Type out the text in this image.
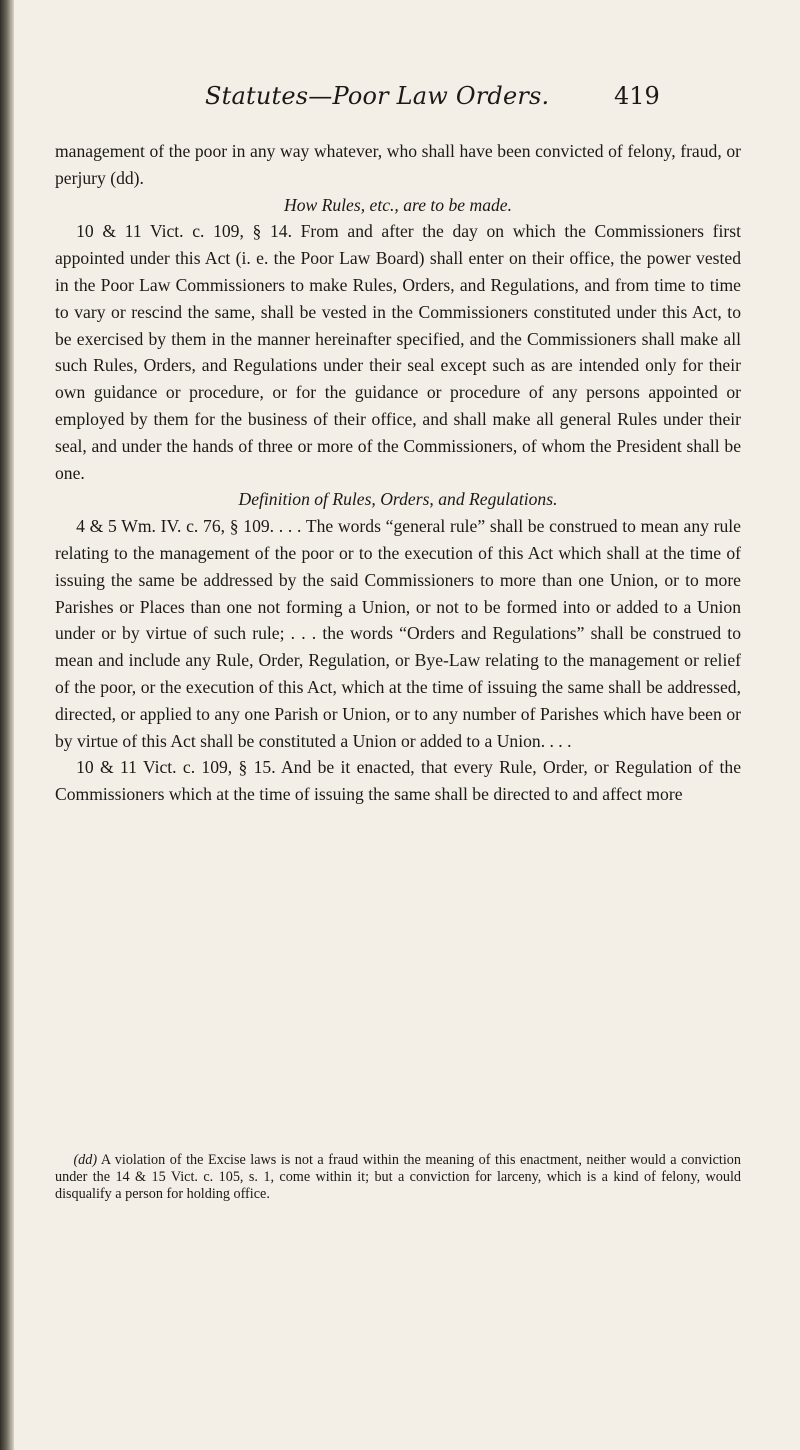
Statutes—Poor Law Orders.	419

management of the poor in any way whatever, who shall have been convicted of felony, fraud, or perjury (dd).

How Rules, etc., are to be made.

10 & 11 Vict. c. 109, § 14. From and after the day on which the Commissioners first appointed under this Act (i. e. the Poor Law Board) shall enter on their office, the power vested in the Poor Law Commissioners to make Rules, Orders, and Regulations, and from time to time to vary or rescind the same, shall be vested in the Commissioners constituted under this Act, to be exercised by them in the manner hereinafter specified, and the Commissioners shall make all such Rules, Orders, and Regulations under their seal except such as are intended only for their own guidance or procedure, or for the guidance or procedure of any persons appointed or employed by them for the business of their office, and shall make all general Rules under their seal, and under the hands of three or more of the Commissioners, of whom the President shall be one.

Definition of Rules, Orders, and Regulations.

4 & 5 Wm. IV. c. 76, § 109. . . . The words “general rule” shall be construed to mean any rule relating to the management of the poor or to the execution of this Act which shall at the time of issuing the same be addressed by the said Commissioners to more than one Union, or to more Parishes or Places than one not forming a Union, or not to be formed into or added to a Union under or by virtue of such rule; . . . the words “Orders and Regulations” shall be construed to mean and include any Rule, Order, Regulation, or Bye-Law relating to the management or relief of the poor, or the execution of this Act, which at the time of issuing the same shall be addressed, directed, or applied to any one Parish or Union, or to any number of Parishes which have been or by virtue of this Act shall be constituted a Union or added to a Union. . . .

10 & 11 Vict. c. 109, § 15. And be it enacted, that every Rule, Order, or Regulation of the Commissioners which at the time of issuing the same shall be directed to and affect more

(dd) A violation of the Excise laws is not a fraud within the meaning of this enactment, neither would a conviction under the 14 & 15 Vict. c. 105, s. 1, come within it; but a conviction for larceny, which is a kind of felony, would disqualify a person for holding office.
